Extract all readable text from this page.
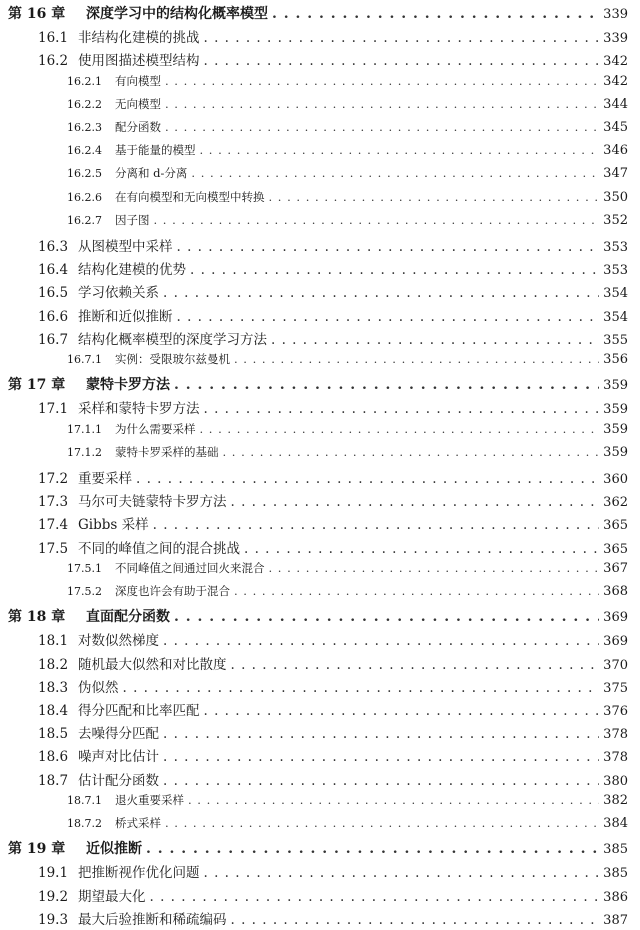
第 16 章	深度学习中的结构化概率模型 . . .	339
16.1 非结构化建模的挑战 . . .	339
16.2 使用图描述模型结构 . . .	342
16.2.1	有向模型 . . .	342
16.2.2	无向模型 . . .	344
16.2.3	配分函数 . . .	345
16.2.4	基于能量的模型 . . .	346
16.2.5	分离和 d-分离 . . .	347
16.2.6	在有向模型和无向模型中转换 . . .	350
16.2.7	因子图 . . .	352
16.3 从图模型中采样 . . .	353
16.4 结构化建模的优势 . . .	353
16.5 学习依赖关系 . . .	354
16.6 推断和近似推断 . . .	354
16.7 结构化概率模型的深度学习方法 . . .	355
16.7.1	实例：受限玻尔兹曼机 . . .	356
第 17 章	蒙特卡罗方法 . . .	359
17.1 采样和蒙特卡罗方法 . . .	359
17.1.1	为什么需要采样 . . .	359
17.1.2	蒙特卡罗采样的基础 . . .	359
17.2 重要采样 . . .	360
17.3 马尔可夫链蒙特卡罗方法 . . .	362
17.4 Gibbs 采样 . . .	365
17.5 不同的峰值之间的混合挑战 . . .	365
17.5.1	不同峰值之间通过回火来混合 . . .	367
17.5.2	深度也许会有助于混合 . . .	368
第 18 章	直面配分函数 . . .	369
18.1 对数似然梯度 . . .	369
18.2 随机最大似然和对比散度 . . .	370
18.3 伪似然 . . .	375
18.4 得分匹配和比率匹配 . . .	376
18.5 去噪得分匹配 . . .	378
18.6 噪声对比估计 . . .	378
18.7 估计配分函数 . . .	380
18.7.1	退火重要采样 . . .	382
18.7.2	桥式采样 . . .	384
第 19 章	近似推断 . . .	385
19.1 把推断视作优化问题 . . .	385
19.2 期望最大化 . . .	386
19.3 最大后验推断和稀疏编码 . . .	387
